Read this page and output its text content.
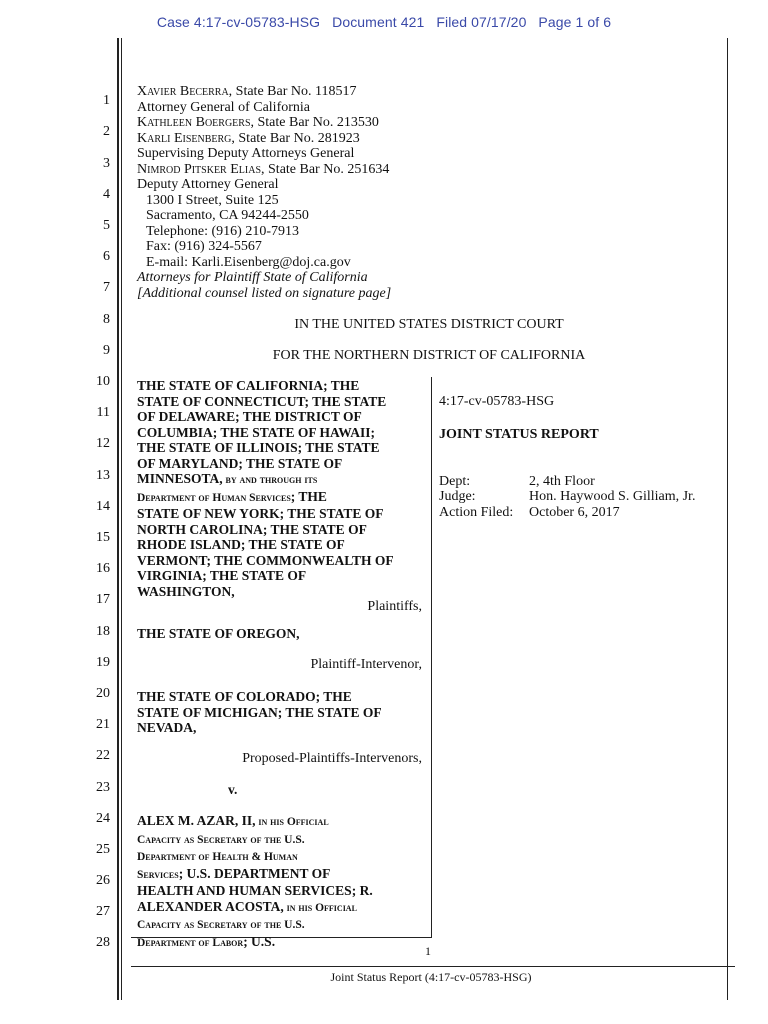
Case 4:17-cv-05783-HSG   Document 421   Filed 07/17/20   Page 1 of 6
1
2
3
4
5
6
7
8
9
10
11
12
13
14
15
16
17
18
19
20
21
22
23
24
25
26
27
28
Xavier Becerra, State Bar No. 118517
Attorney General of California
Kathleen Boergers, State Bar No. 213530
Karli Eisenberg, State Bar No. 281923
Supervising Deputy Attorneys General
Nimrod Pitsker Elias, State Bar No. 251634
Deputy Attorney General
1300 I Street, Suite 125
Sacramento, CA 94244-2550
Telephone: (916) 210-7913
Fax: (916) 324-5567
E-mail: Karli.Eisenberg@doj.ca.gov
Attorneys for Plaintiff State of California
[Additional counsel listed on signature page]
IN THE UNITED STATES DISTRICT COURT
FOR THE NORTHERN DISTRICT OF CALIFORNIA
THE STATE OF CALIFORNIA; THE
STATE OF CONNECTICUT; THE STATE
OF DELAWARE; THE DISTRICT OF
COLUMBIA; THE STATE OF HAWAII;
THE STATE OF ILLINOIS; THE STATE
OF MARYLAND; THE STATE OF
MINNESOTA, by and through its
Department of Human Services; THE
STATE OF NEW YORK; THE STATE OF
NORTH CAROLINA; THE STATE OF
RHODE ISLAND; THE STATE OF
VERMONT; THE COMMONWEALTH OF
VIRGINIA; THE STATE OF
WASHINGTON,
Plaintiffs,
THE STATE OF OREGON,
Plaintiff-Intervenor,
THE STATE OF COLORADO; THE
STATE OF MICHIGAN; THE STATE OF
NEVADA,
Proposed-Plaintiffs-Intervenors,
v.
ALEX M. AZAR, II, in his Official
Capacity as Secretary of the U.S.
Department of Health & Human
Services; U.S. DEPARTMENT OF
HEALTH AND HUMAN SERVICES; R.
ALEXANDER ACOSTA, in his Official
Capacity as Secretary of the U.S.
Department of Labor; U.S.
4:17-cv-05783-HSG
JOINT STATUS REPORT
Dept:	2, 4th Floor
Judge:	Hon. Haywood S. Gilliam, Jr.
Action Filed: October 6, 2017
1
Joint Status Report (4:17-cv-05783-HSG)
